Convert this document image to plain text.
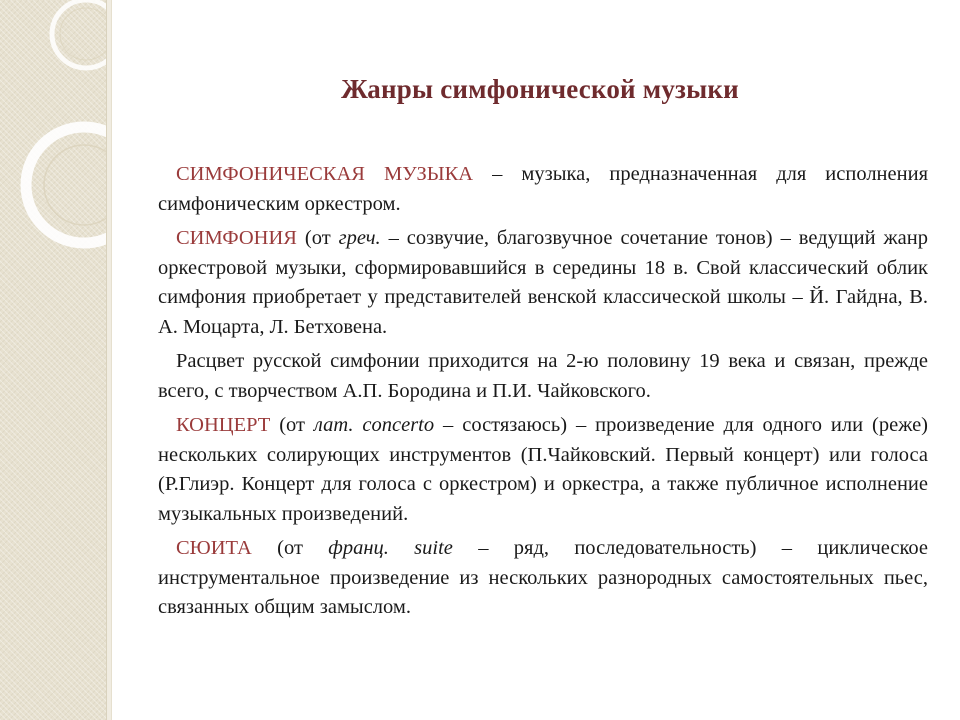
Жанры симфонической музыки

СИМФОНИЧЕСКАЯ МУЗЫКА – музыка, предназначенная для исполнения симфоническим оркестром.

СИМФОНИЯ (от греч. – созвучие, благозвучное сочетание тонов) – ведущий жанр оркестровой музыки, сформировавшийся в середины 18 в. Свой классический облик симфония приобретает у представителей венской классической школы – Й. Гайдна, В. А. Моцарта, Л. Бетховена.

Расцвет русской симфонии приходится на 2-ю половину 19 века и связан, прежде всего, с творчеством А.П. Бородина и П.И. Чайковского.

КОНЦЕРТ (от лат. concerto – состязаюсь) – произведение для одного или (реже) нескольких солирующих инструментов (П.Чайковский. Первый концерт) или голоса (Р.Глиэр. Концерт для голоса с оркестром) и оркестра, а также публичное исполнение музыкальных произведений.

СЮИТА (от франц. suite – ряд, последовательность) – циклическое инструментальное произведение из нескольких разнородных самостоятельных пьес, связанных общим замыслом.
